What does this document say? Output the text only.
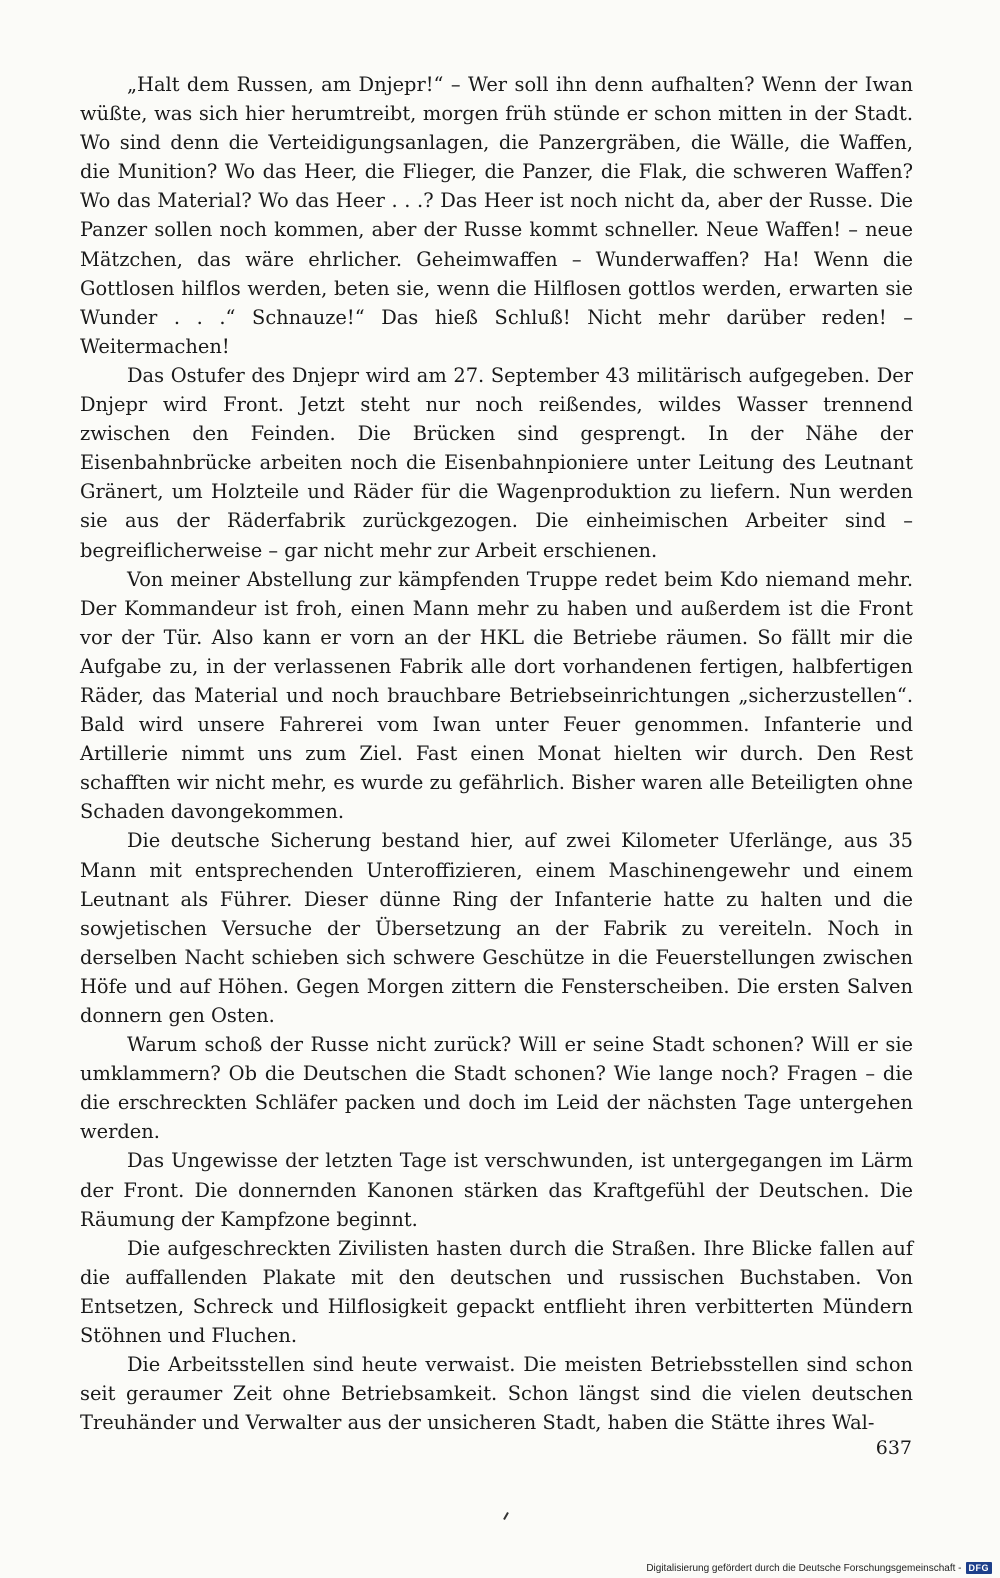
„Halt dem Russen, am Dnjepr!“ – Wer soll ihn denn aufhalten? Wenn der Iwan wüßte, was sich hier herumtreibt, morgen früh stünde er schon mitten in der Stadt. Wo sind denn die Verteidigungsanlagen, die Panzergräben, die Wälle, die Waffen, die Munition? Wo das Heer, die Flieger, die Panzer, die Flak, die schweren Waffen? Wo das Material? Wo das Heer . . .? Das Heer ist noch nicht da, aber der Russe. Die Panzer sollen noch kommen, aber der Russe kommt schneller. Neue Waffen! – neue Mätzchen, das wäre ehrlicher. Geheimwaffen – Wunderwaffen? Ha! Wenn die Gottlosen hilflos werden, beten sie, wenn die Hilflosen gottlos werden, erwarten sie Wunder . . .“ Schnauze!“ Das hieß Schluß! Nicht mehr darüber reden! – Weitermachen!

Das Ostufer des Dnjepr wird am 27. September 43 militärisch aufgegeben. Der Dnjepr wird Front. Jetzt steht nur noch reißendes, wildes Wasser trennend zwischen den Feinden. Die Brücken sind gesprengt. In der Nähe der Eisenbahnbrücke arbeiten noch die Eisenbahnpioniere unter Leitung des Leutnant Gränert, um Holzteile und Räder für die Wagenproduktion zu liefern. Nun werden sie aus der Räderfabrik zurückgezogen. Die einheimischen Arbeiter sind – begreiflicherweise – gar nicht mehr zur Arbeit erschienen.

Von meiner Abstellung zur kämpfenden Truppe redet beim Kdo niemand mehr. Der Kommandeur ist froh, einen Mann mehr zu haben und außerdem ist die Front vor der Tür. Also kann er vorn an der HKL die Betriebe räumen. So fällt mir die Aufgabe zu, in der verlassenen Fabrik alle dort vorhandenen fertigen, halbfertigen Räder, das Material und noch brauchbare Betriebseinrichtungen „sicherzustellen“. Bald wird unsere Fahrerei vom Iwan unter Feuer genommen. Infanterie und Artillerie nimmt uns zum Ziel. Fast einen Monat hielten wir durch. Den Rest schafften wir nicht mehr, es wurde zu gefährlich. Bisher waren alle Beteiligten ohne Schaden davongekommen.

Die deutsche Sicherung bestand hier, auf zwei Kilometer Uferlänge, aus 35 Mann mit entsprechenden Unteroffizieren, einem Maschinengewehr und einem Leutnant als Führer. Dieser dünne Ring der Infanterie hatte zu halten und die sowjetischen Versuche der Übersetzung an der Fabrik zu vereiteln. Noch in derselben Nacht schieben sich schwere Geschütze in die Feuerstellungen zwischen Höfe und auf Höhen. Gegen Morgen zittern die Fensterscheiben. Die ersten Salven donnern gen Osten.

Warum schoß der Russe nicht zurück? Will er seine Stadt schonen? Will er sie umklammern? Ob die Deutschen die Stadt schonen? Wie lange noch? Fragen – die die erschreckten Schläfer packen und doch im Leid der nächsten Tage untergehen werden.

Das Ungewisse der letzten Tage ist verschwunden, ist untergegangen im Lärm der Front. Die donnernden Kanonen stärken das Kraftgefühl der Deutschen. Die Räumung der Kampfzone beginnt.

Die aufgeschreckten Zivilisten hasten durch die Straßen. Ihre Blicke fallen auf die auffallenden Plakate mit den deutschen und russischen Buchstaben. Von Entsetzen, Schreck und Hilflosigkeit gepackt entflieht ihren verbitterten Mündern Stöhnen und Fluchen.

Die Arbeitsstellen sind heute verwaist. Die meisten Betriebsstellen sind schon seit geraumer Zeit ohne Betriebsamkeit. Schon längst sind die vielen deutschen Treuhänder und Verwalter aus der unsicheren Stadt, haben die Stätte ihres Wal-

637
Digitalisierung gefördert durch die Deutsche Forschungsgemeinschaft - DFG
